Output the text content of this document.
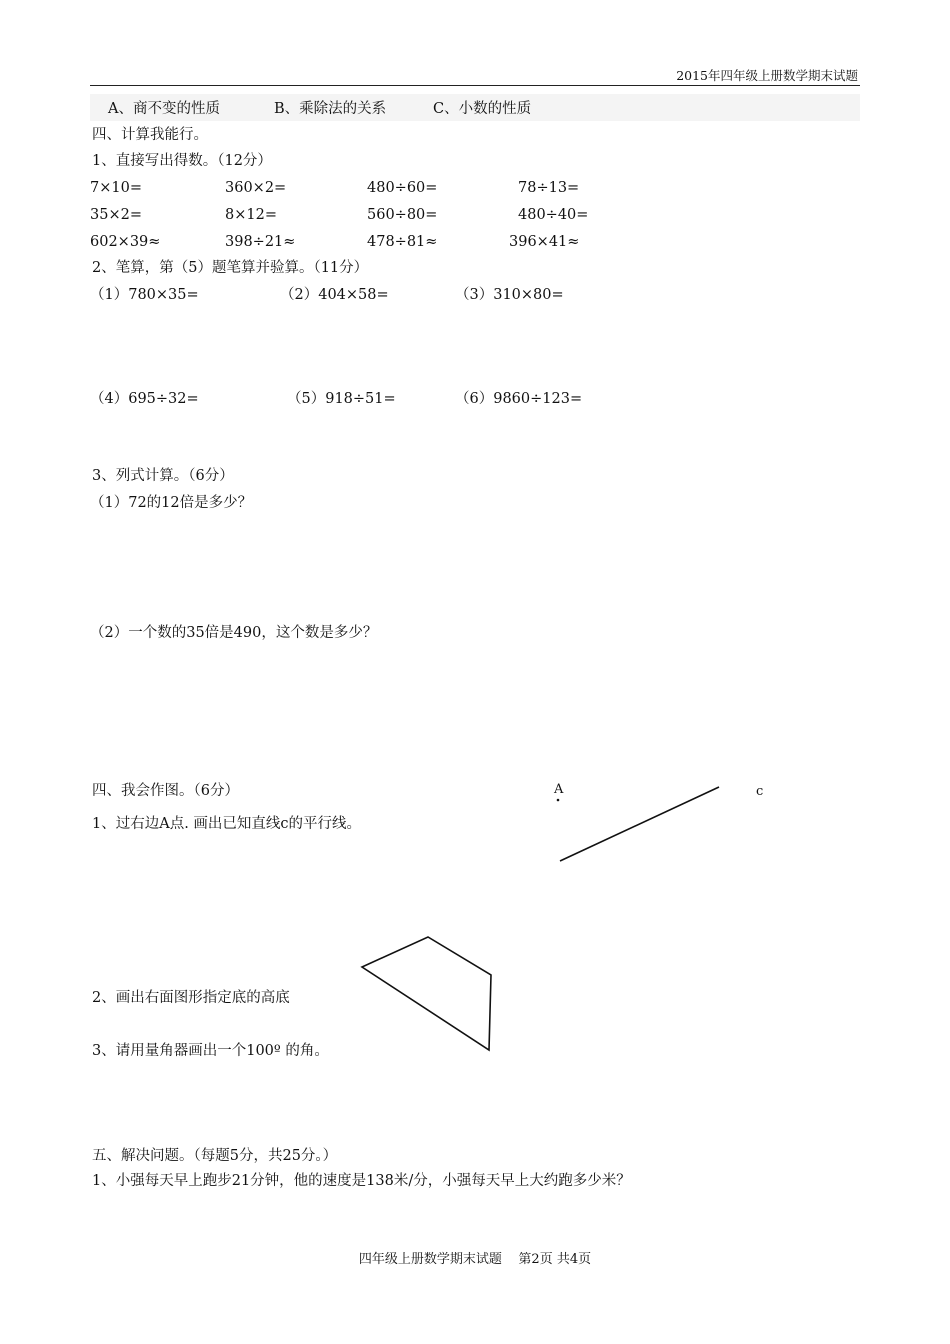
2015年四年级上册数学期末试题
A、商不变的性质	B、乘除法的关系	C、小数的性质
四、计算我能行。
1、直接写出得数。（12分）
7×10=	360×2=	480÷60=	78÷13=
35×2=	8×12=	560÷80=	480÷40=
602×39≈	398÷21≈	478÷81≈	396×41≈
2、笔算，第（5）题笔算并验算。（11分）
（1）780×35=	（2）404×58=	（3）310×80=
（4）695÷32=	（5）918÷51=	（6）9860÷123=
3、列式计算。（6分）
（1）72的12倍是多少？
（2）一个数的35倍是490，这个数是多少？
四、我会作图。（6分）
1、过右边A点. 画出已知直线c的平行线。
A	c
2、画出右面图形指定底的高底
3、请用量角器画出一个100º 的角。
五、解决问题。（每题5分，共25分。）
1、小强每天早上跑步21分钟，他的速度是138米/分，小强每天早上大约跑多少米？
四年级上册数学期末试题    第2页 共4页
